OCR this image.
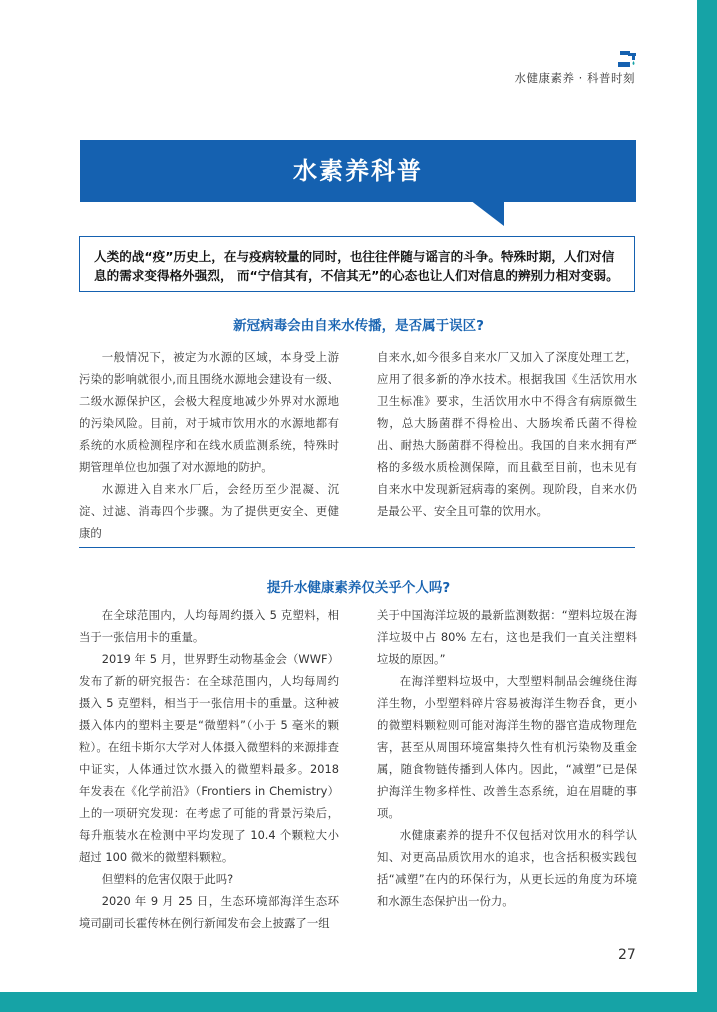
水健康素养 · 科普时刻
水素养科普
人类的战“疫”历史上，在与疫病较量的同时，也往往伴随与谣言的斗争。特殊时期，人们对信息的需求变得格外强烈， 而“宁信其有，不信其无”的心态也让人们对信息的辨别力相对变弱。
新冠病毒会由自来水传播，是否属于误区?

一般情况下，被定为水源的区域，本身受上游污染的影响就很小,而且围绕水源地会建设有一级、二级水源保护区，会极大程度地减少外界对水源地的污染风险。目前，对于城市饮用水的水源地都有系统的水质检测程序和在线水质监测系统，特殊时期管理单位也加强了对水源地的防护。

水源进入自来水厂后，会经历至少混凝、沉淀、过滤、消毒四个步骤。为了提供更安全、更健康的

自来水,如今很多自来水厂又加入了深度处理工艺，应用了很多新的净水技术。根据我国《生活饮用水卫生标准》要求，生活饮用水中不得含有病原微生物，总大肠菌群不得检出、大肠埃希氏菌不得检出、耐热大肠菌群不得检出。我国的自来水拥有严格的多级水质检测保障，而且截至目前，也未见有自来水中发现新冠病毒的案例。现阶段，自来水仍是最公平、安全且可靠的饮用水。

提升水健康素养仅关乎个人吗?

在全球范围内，人均每周约摄入 5 克塑料，相当于一张信用卡的重量。

2019 年 5 月，世界野生动物基金会（WWF）发布了新的研究报告：在全球范围内，人均每周约摄入 5 克塑料，相当于一张信用卡的重量。这种被摄入体内的塑料主要是“微塑料”（小于 5 毫米的颗粒）。在纽卡斯尔大学对人体摄入微塑料的来源排查中证实，人体通过饮水摄入的微塑料最多。2018 年发表在《化学前沿》（Frontiers in Chemistry）上的一项研究发现：在考虑了可能的背景污染后，每升瓶装水在检测中平均发现了 10.4 个颗粒大小超过 100 微米的微塑料颗粒。

但塑料的危害仅限于此吗?

2020 年 9 月 25 日，生态环境部海洋生态环境司副司长霍传林在例行新闻发布会上披露了一组

关于中国海洋垃圾的最新监测数据：“塑料垃圾在海洋垃圾中占 80% 左右，这也是我们一直关注塑料垃圾的原因。”

在海洋塑料垃圾中，大型塑料制品会缠绕住海洋生物，小型塑料碎片容易被海洋生物吞食，更小的微塑料颗粒则可能对海洋生物的器官造成物理危害，甚至从周围环境富集持久性有机污染物及重金属，随食物链传播到人体内。因此，“减塑”已是保护海洋生物多样性、改善生态系统，迫在眉睫的事项。

水健康素养的提升不仅包括对饮用水的科学认知、对更高品质饮用水的追求，也含括积极实践包括“减塑”在内的环保行为，从更长远的角度为环境和水源生态保护出一份力。

27
